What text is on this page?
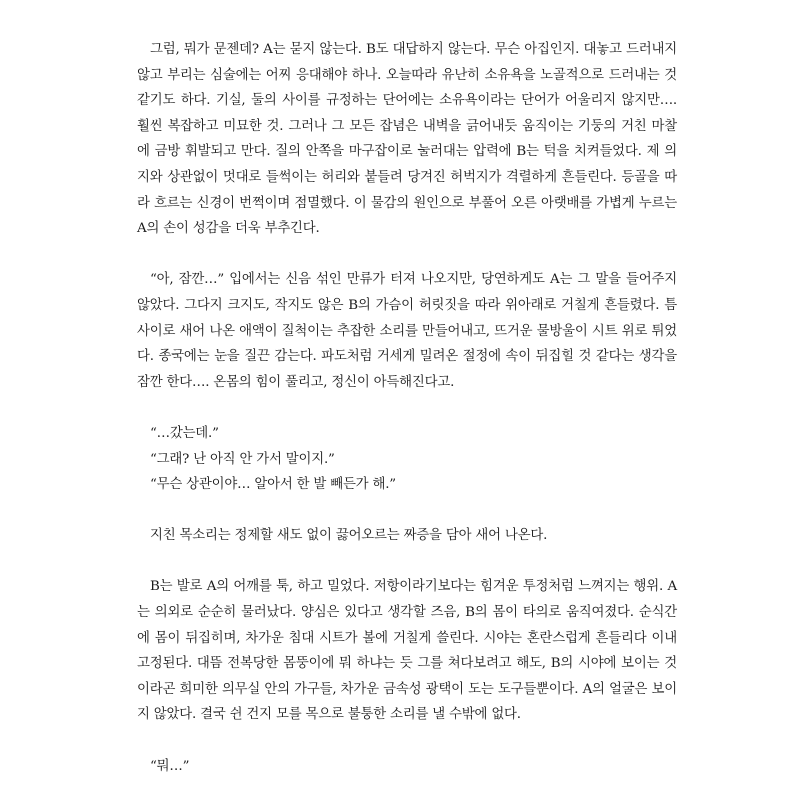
그럼, 뭐가 문젠데? A는 묻지 않는다. B도 대답하지 않는다. 무슨 아집인지. 대놓고 드러내지 않고 부리는 심술에는 어찌 응대해야 하나. 오늘따라 유난히 소유욕을 노골적으로 드러내는 것 같기도 하다. 기실, 둘의 사이를 규정하는 단어에는 소유욕이라는 단어가 어울리지 않지만…. 훨씬 복잡하고 미묘한 것. 그러나 그 모든 잡념은 내벽을 긁어내듯 움직이는 기둥의 거친 마찰에 금방 휘발되고 만다. 질의 안쪽을 마구잡이로 눌러대는 압력에 B는 턱을 치켜들었다. 제 의지와 상관없이 멋대로 들썩이는 허리와 붙들려 당겨진 허벅지가 격렬하게 흔들린다. 등골을 따라 흐르는 신경이 번쩍이며 점멸했다. 이 물감의 원인으로 부풀어 오른 아랫배를 가볍게 누르는 A의 손이 성감을 더욱 부추긴다.

“아, 잠깐…” 입에서는 신음 섞인 만류가 터져 나오지만, 당연하게도 A는 그 말을 들어주지 않았다. 그다지 크지도, 작지도 않은 B의 가슴이 허릿짓을 따라 위아래로 거칠게 흔들렸다. 틈 사이로 새어 나온 애액이 질척이는 추잡한 소리를 만들어내고, 뜨거운 물방울이 시트 위로 튀었다. 종국에는 눈을 질끈 감는다. 파도처럼 거세게 밀려온 절정에 속이 뒤집힐 것 같다는 생각을 잠깐 한다…. 온몸의 힘이 풀리고, 정신이 아득해진다고.

“…갔는데.”

“그래? 난 아직 안 가서 말이지.”

“무슨 상관이야… 알아서 한 발 빼든가 해.”

지친 목소리는 정제할 새도 없이 끓어오르는 짜증을 담아 새어 나온다.

B는 발로 A의 어깨를 툭, 하고 밀었다. 저항이라기보다는 힘겨운 투정처럼 느껴지는 행위. A는 의외로 순순히 물러났다. 양심은 있다고 생각할 즈음, B의 몸이 타의로 움직여졌다. 순식간에 몸이 뒤집히며, 차가운 침대 시트가 볼에 거칠게 쓸린다. 시야는 혼란스럽게 흔들리다 이내 고정된다. 대뜸 전복당한 몸뚱이에 뭐 하냐는 듯 그를 쳐다보려고 해도, B의 시야에 보이는 것이라곤 희미한 의무실 안의 가구들, 차가운 금속성 광택이 도는 도구들뿐이다. A의 얼굴은 보이지 않았다. 결국 쉰 건지 모를 목으로 불퉁한 소리를 낼 수밖에 없다.

“뭐…”
